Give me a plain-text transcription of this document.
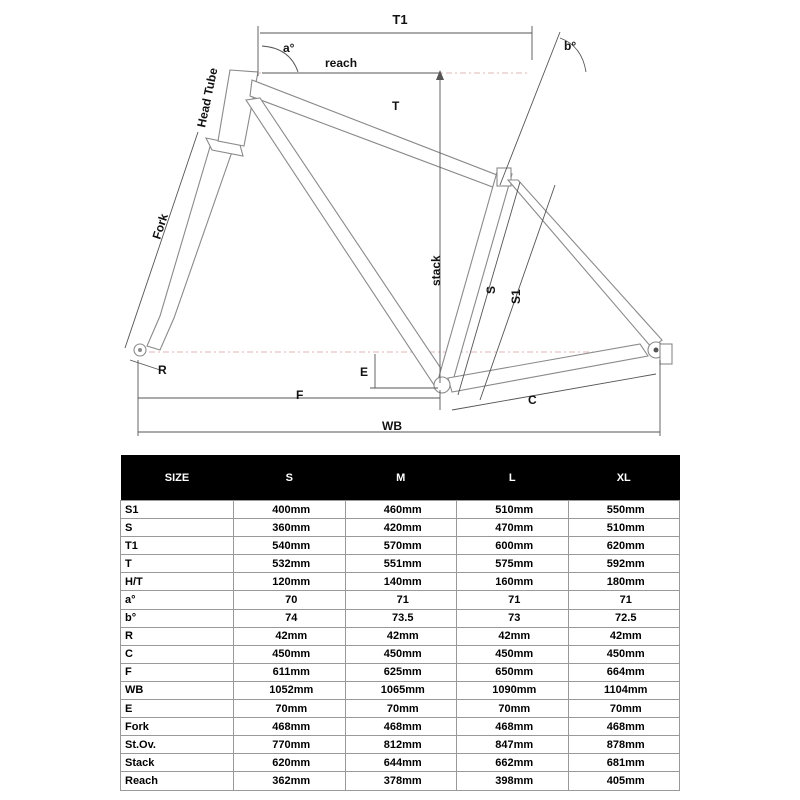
T1
a°	b°
reach
Head Tube	T
Fork
stack
S S1
E
R
F	C
WB
SIZE	S	M	L	XL
S1	400mm	460mm	510mm	550mm
S	360mm	420mm	470mm	510mm
T1	540mm	570mm	600mm	620mm
T	532mm	551mm	575mm	592mm
H/T	120mm	140mm	160mm	180mm
a°	70	71	71	71
b°	74	73.5	73	72.5
R	42mm	42mm	42mm	42mm
C	450mm	450mm	450mm	450mm
F	611mm	625mm	650mm	664mm
WB	1052mm	1065mm	1090mm	1104mm
E	70mm	70mm	70mm	70mm
Fork	468mm	468mm	468mm	468mm
St.Ov.	770mm	812mm	847mm	878mm
Stack	620mm	644mm	662mm	681mm
Reach	362mm	378mm	398mm	405mm
